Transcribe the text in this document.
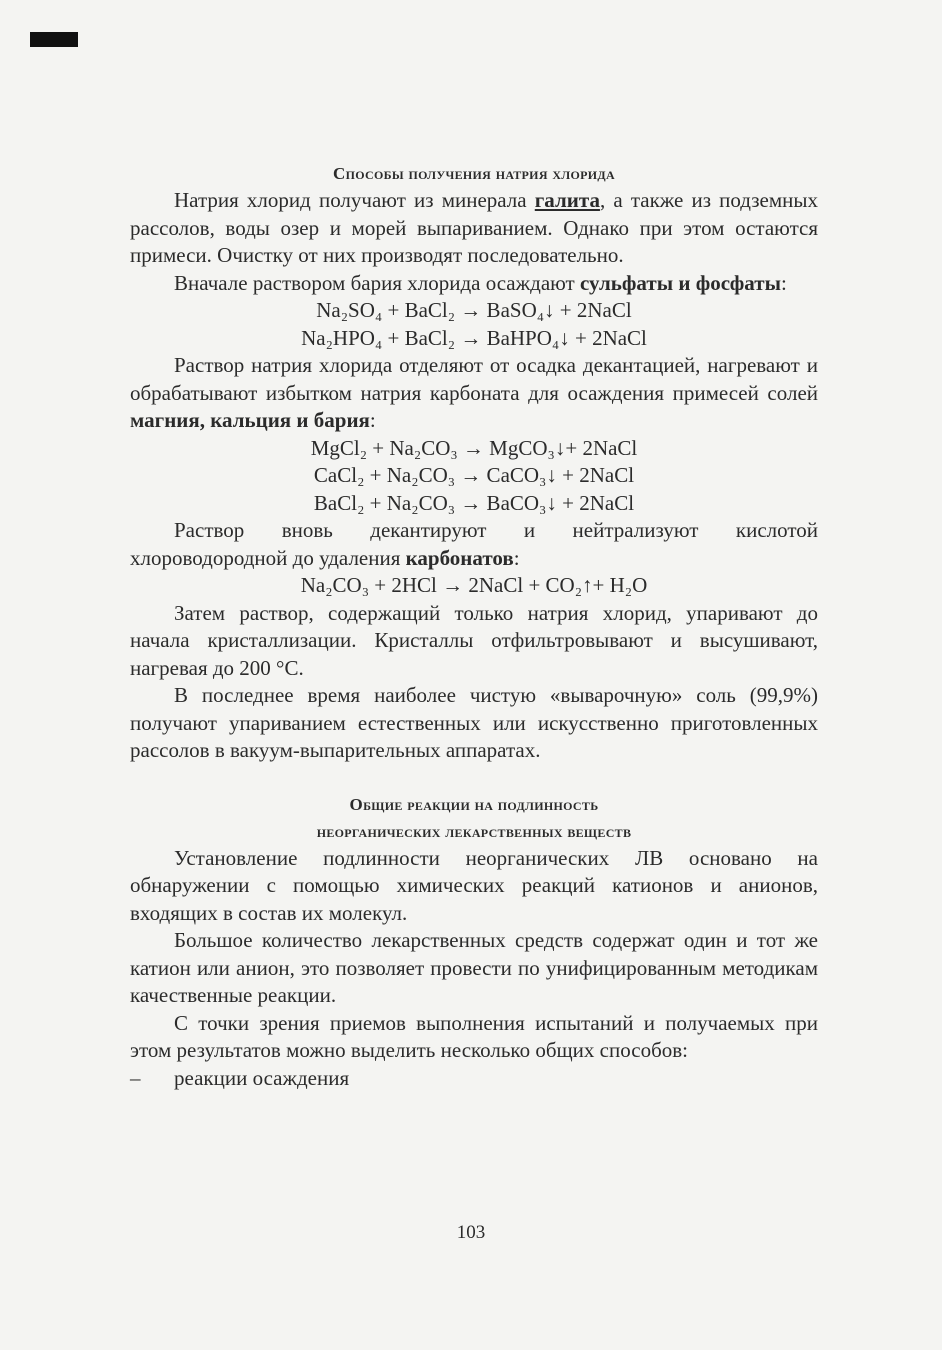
Способы получения натрия хлорида

Натрия хлорид получают из минерала галита, а также из подземных рассолов, воды озер и морей выпариванием. Однако при этом остаются примеси. Очистку от них производят последовательно.

Вначале раствором бария хлорида осаждают сульфаты и фосфаты:

Na₂SO₄ + BaCl₂ → BaSO₄↓ + 2NaCl
Na₂HPO₄ + BaCl₂ → BaHPO₄↓ + 2NaCl

Раствор натрия хлорида отделяют от осадка декантацией, нагревают и обрабатывают избытком натрия карбоната для осаждения примесей солей магния, кальция и бария:

MgCl₂ + Na₂CO₃ → MgCO₃↓+ 2NaCl
CaCl₂ + Na₂CO₃ → CaCO₃↓ + 2NaCl
BaCl₂ + Na₂CO₃ → BaCO₃↓ + 2NaCl

Раствор вновь декантируют и нейтрализуют кислотой хлороводородной до удаления карбонатов:

Na₂CO₃ + 2HCl → 2NaCl + CO₂↑+ H₂O

Затем раствор, содержащий только натрия хлорид, упаривают до начала кристаллизации. Кристаллы отфильтровывают и высушивают, нагревая до 200 °С.

В последнее время наиболее чистую «выварочную» соль (99,9%) получают упариванием естественных или искусственно приготовленных рассолов в вакуум-выпарительных аппаратах.

Общие реакции на подлинность
неорганических лекарственных веществ

Установление подлинности неорганических ЛВ основано на обнаружении с помощью химических реакций катионов и анионов, входящих в состав их молекул.

Большое количество лекарственных средств содержат один и тот же катион или анион, это позволяет провести по унифицированным методикам качественные реакции.

С точки зрения приемов выполнения испытаний и получаемых при этом результатов можно выделить несколько общих способов:

–	реакции осаждения
103
